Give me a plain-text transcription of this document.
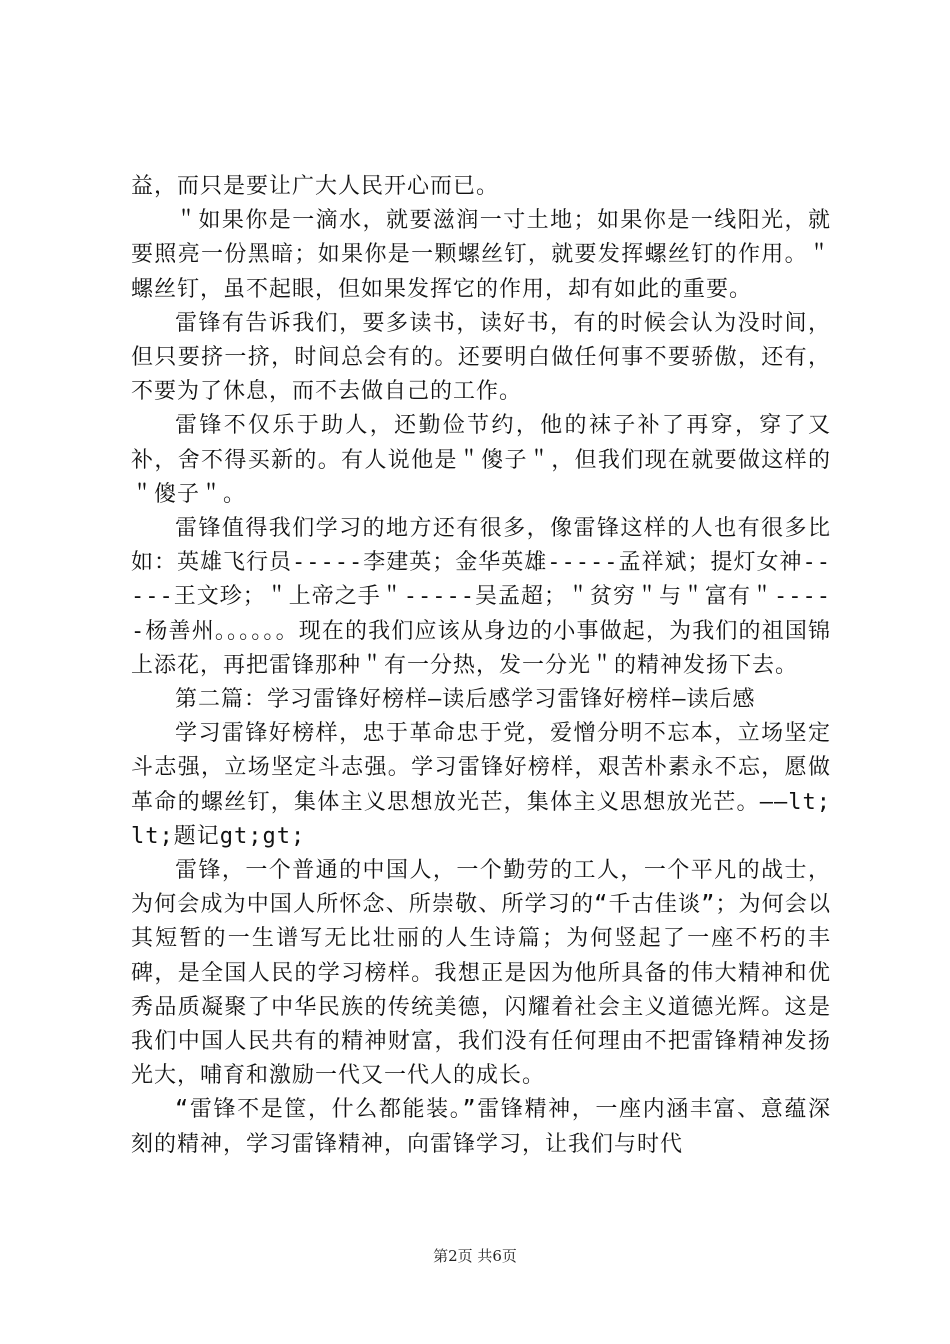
益，而只是要让广大人民开心而已。

＂如果你是一滴水，就要滋润一寸土地；如果你是一线阳光，就要照亮一份黑暗；如果你是一颗螺丝钉，就要发挥螺丝钉的作用。＂螺丝钉，虽不起眼，但如果发挥它的作用，却有如此的重要。

雷锋有告诉我们，要多读书，读好书，有的时候会认为没时间，但只要挤一挤，时间总会有的。还要明白做任何事不要骄傲，还有，不要为了休息，而不去做自己的工作。

雷锋不仅乐于助人，还勤俭节约，他的袜子补了再穿，穿了又补，舍不得买新的。有人说他是＂傻子＂，但我们现在就要做这样的＂傻子＂。

雷锋值得我们学习的地方还有很多，像雷锋这样的人也有很多比如：英雄飞行员-----李建英；金华英雄-----孟祥斌；提灯女神-----王文珍；＂上帝之手＂-----吴孟超；＂贫穷＂与＂富有＂-----杨善州。。。。。。现在的我们应该从身边的小事做起，为我们的祖国锦上添花，再把雷锋那种＂有一分热，发一分光＂的精神发扬下去。

第二篇：学习雷锋好榜样—读后感学习雷锋好榜样—读后感

学习雷锋好榜样，忠于革命忠于党，爱憎分明不忘本，立场坚定斗志强，立场坚定斗志强。学习雷锋好榜样，艰苦朴素永不忘，愿做革命的螺丝钉，集体主义思想放光芒，集体主义思想放光芒。——lt;lt;题记gt;gt;

雷锋，一个普通的中国人，一个勤劳的工人，一个平凡的战士，为何会成为中国人所怀念、所崇敬、所学习的“千古佳谈”；为何会以其短暂的一生谱写无比壮丽的人生诗篇；为何竖起了一座不朽的丰碑，是全国人民的学习榜样。我想正是因为他所具备的伟大精神和优秀品质凝聚了中华民族的传统美德，闪耀着社会主义道德光辉。这是我们中国人民共有的精神财富，我们没有任何理由不把雷锋精神发扬光大，哺育和激励一代又一代人的成长。

“雷锋不是筐，什么都能装。”雷锋精神，一座内涵丰富、意蕴深刻的精神，学习雷锋精神，向雷锋学习，让我们与时代

第2页 共6页
